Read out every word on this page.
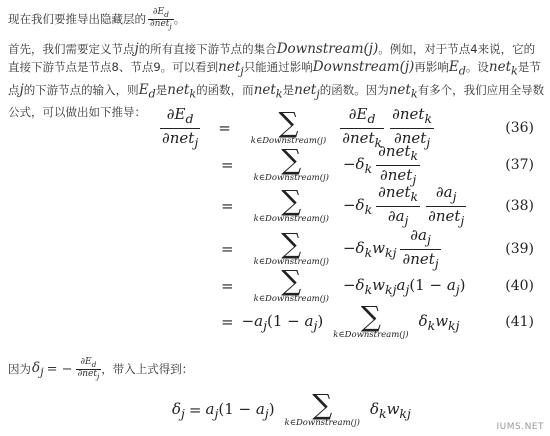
现在我们要推导出隐藏层的 $\frac{\partial E_d}{\partial net_j}$ 。
首先，我们需要定义节点j的所有直接下游节点的集合Downstream(j)。例如，对于节点4来说，它的直接下游节点是节点8、节点9。可以看到net$_j$只能通过影响Downstream(j)再影响$E_d$。设net$_k$是节点j的下游节点的输入，则$E_d$是net$_k$的函数，而net$_k$是net$_j$的函数。因为net$_k$有多个，我们应用全导数公式，可以做出如下推导： $\frac{\partial E_d}{\partial net_j}$ = ∑
k∈Downstream(j) $\frac{\partial E_d}{\partial net_k} \frac{\partial net_k}{\partial net_j}$	(36)
= ∑
k∈Downstream(j)
$-\delta_k \frac{\partial net_k}{\partial net_j}$	(37)
= ∑
k∈Downstream(j)
$-\delta_k \frac{\partial net_k}{\partial a_j} \frac{\partial a_j}{\partial net_j}$	(38)
= ∑
k∈Downstream(j)
$-\delta_kw_{kj} \frac{\partial a_j}{\partial net_j}$	(39)
= ∑
k∈Downstream(j)
$-\delta_kw_{kj}a_j(1 - a_j)$	(40)
= $-a_j(1 - a_j)$ ∑
k∈Downstream(j)
$\delta_kw_{kj}$	(41)
因为 $\delta_j$ = − $\frac{\partial E_d}{\partial net_j}$ ，带入上式得到：
$\delta_j = a_j(1 - a_j)$ ∑
k∈Downstream(j)
$\delta_kw_{kj}$
IUMS.NET
